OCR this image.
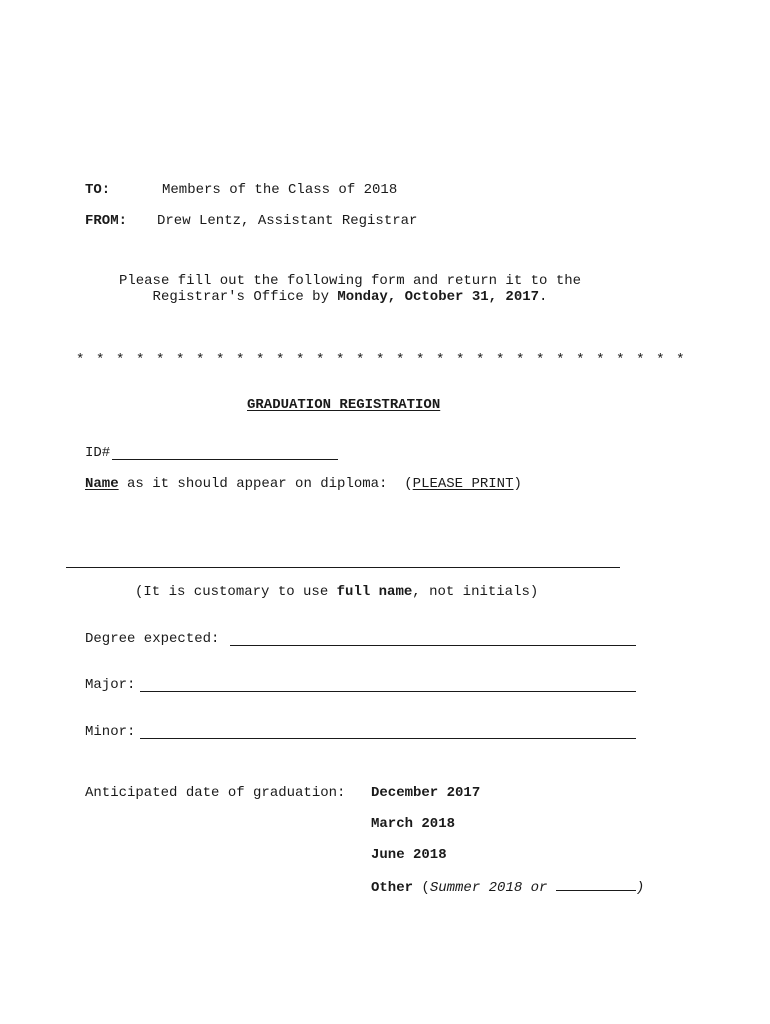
TO:	Members of the Class of 2018
FROM: Drew Lentz, Assistant Registrar
Please fill out the following form and return it to the
Registrar's Office by Monday, October 31, 2017.
* * * * * * * * * * * * * * * * * * * * * * * * * * * * * * *
GRADUATION REGISTRATION
ID#
Name as it should appear on diploma:  (PLEASE PRINT)
(It is customary to use full name, not initials)
Degree expected:
Major:
Minor:
Anticipated date of graduation: December 2017
March 2018
June 2018
Other (Summer 2018 or	)
